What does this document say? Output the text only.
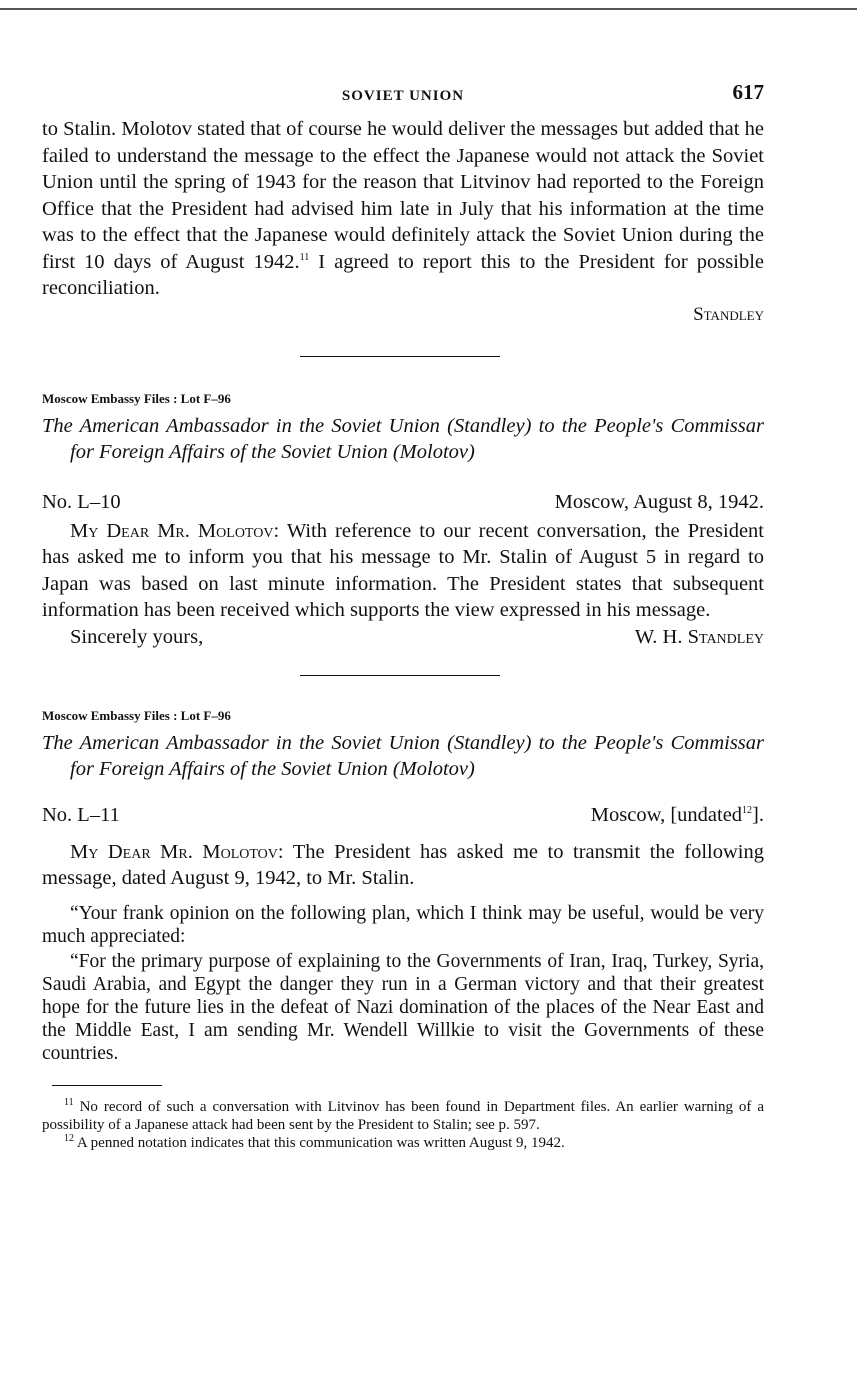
SOVIET UNION	617

to Stalin. Molotov stated that of course he would deliver the messages but added that he failed to understand the message to the effect the Japanese would not attack the Soviet Union until the spring of 1943 for the reason that Litvinov had reported to the Foreign Office that the President had advised him late in July that his information at the time was to the effect that the Japanese would definitely attack the Soviet Union during the first 10 days of August 1942.11 I agreed to report this to the President for possible reconciliation.

Standley

Moscow Embassy Files : Lot F–96

The American Ambassador in the Soviet Union (Standley) to the People's Commissar for Foreign Affairs of the Soviet Union (Molotov)

No. L–10	Moscow, August 8, 1942.

My Dear Mr. Molotov: With reference to our recent conversation, the President has asked me to inform you that his message to Mr. Stalin of August 5 in regard to Japan was based on last minute information. The President states that subsequent information has been received which supports the view expressed in his message.

Sincerely yours,	W. H. Standley

Moscow Embassy Files : Lot F–96

The American Ambassador in the Soviet Union (Standley) to the People's Commissar for Foreign Affairs of the Soviet Union (Molotov)

No. L–11	Moscow, [undated$^{12}$].

My Dear Mr. Molotov: The President has asked me to transmit the following message, dated August 9, 1942, to Mr. Stalin.

“Your frank opinion on the following plan, which I think may be useful, would be very much appreciated:

“For the primary purpose of explaining to the Governments of Iran, Iraq, Turkey, Syria, Saudi Arabia, and Egypt the danger they run in a German victory and that their greatest hope for the future lies in the defeat of Nazi domination of the places of the Near East and the Middle East, I am sending Mr. Wendell Willkie to visit the Governments of these countries.

$^{11}$ No record of such a conversation with Litvinov has been found in Department files. An earlier warning of a possibility of a Japanese attack had been sent by the President to Stalin; see p. 597.

$^{12}$ A penned notation indicates that this communication was written August 9, 1942.
